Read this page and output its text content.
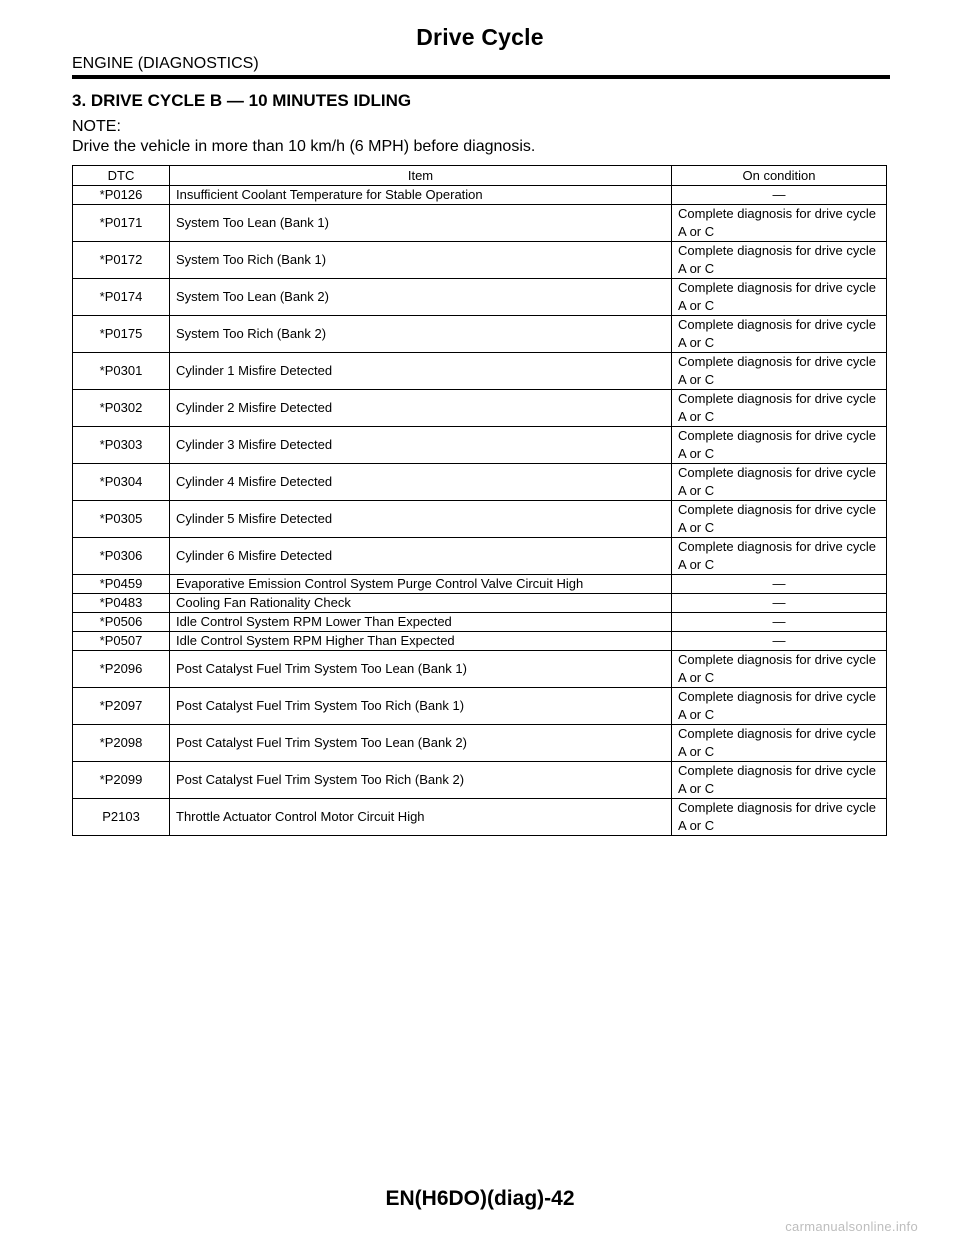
Drive Cycle
ENGINE (DIAGNOSTICS)
3. DRIVE CYCLE B — 10 MINUTES IDLING
NOTE:
Drive the vehicle in more than 10 km/h (6 MPH) before diagnosis.
DTC	Item	On condition
*P0126	Insufficient Coolant Temperature for Stable Operation	—
*P0171	System Too Lean (Bank 1)	Complete diagnosis for drive cycle A or C
*P0172	System Too Rich (Bank 1)	Complete diagnosis for drive cycle A or C
*P0174	System Too Lean (Bank 2)	Complete diagnosis for drive cycle A or C
*P0175	System Too Rich (Bank 2)	Complete diagnosis for drive cycle A or C
*P0301	Cylinder 1 Misfire Detected	Complete diagnosis for drive cycle A or C
*P0302	Cylinder 2 Misfire Detected	Complete diagnosis for drive cycle A or C
*P0303	Cylinder 3 Misfire Detected	Complete diagnosis for drive cycle A or C
*P0304	Cylinder 4 Misfire Detected	Complete diagnosis for drive cycle A or C
*P0305	Cylinder 5 Misfire Detected	Complete diagnosis for drive cycle A or C
*P0306	Cylinder 6 Misfire Detected	Complete diagnosis for drive cycle A or C
*P0459	Evaporative Emission Control System Purge Control Valve Circuit High	—
*P0483	Cooling Fan Rationality Check	—
*P0506	Idle Control System RPM Lower Than Expected	—
*P0507	Idle Control System RPM Higher Than Expected	—
*P2096	Post Catalyst Fuel Trim System Too Lean (Bank 1)	Complete diagnosis for drive cycle A or C
*P2097	Post Catalyst Fuel Trim System Too Rich (Bank 1)	Complete diagnosis for drive cycle A or C
*P2098	Post Catalyst Fuel Trim System Too Lean (Bank 2)	Complete diagnosis for drive cycle A or C
*P2099	Post Catalyst Fuel Trim System Too Rich (Bank 2)	Complete diagnosis for drive cycle A or C
P2103	Throttle Actuator Control Motor Circuit High	Complete diagnosis for drive cycle A or C
EN(H6DO)(diag)-42
carmanualsonline.info
